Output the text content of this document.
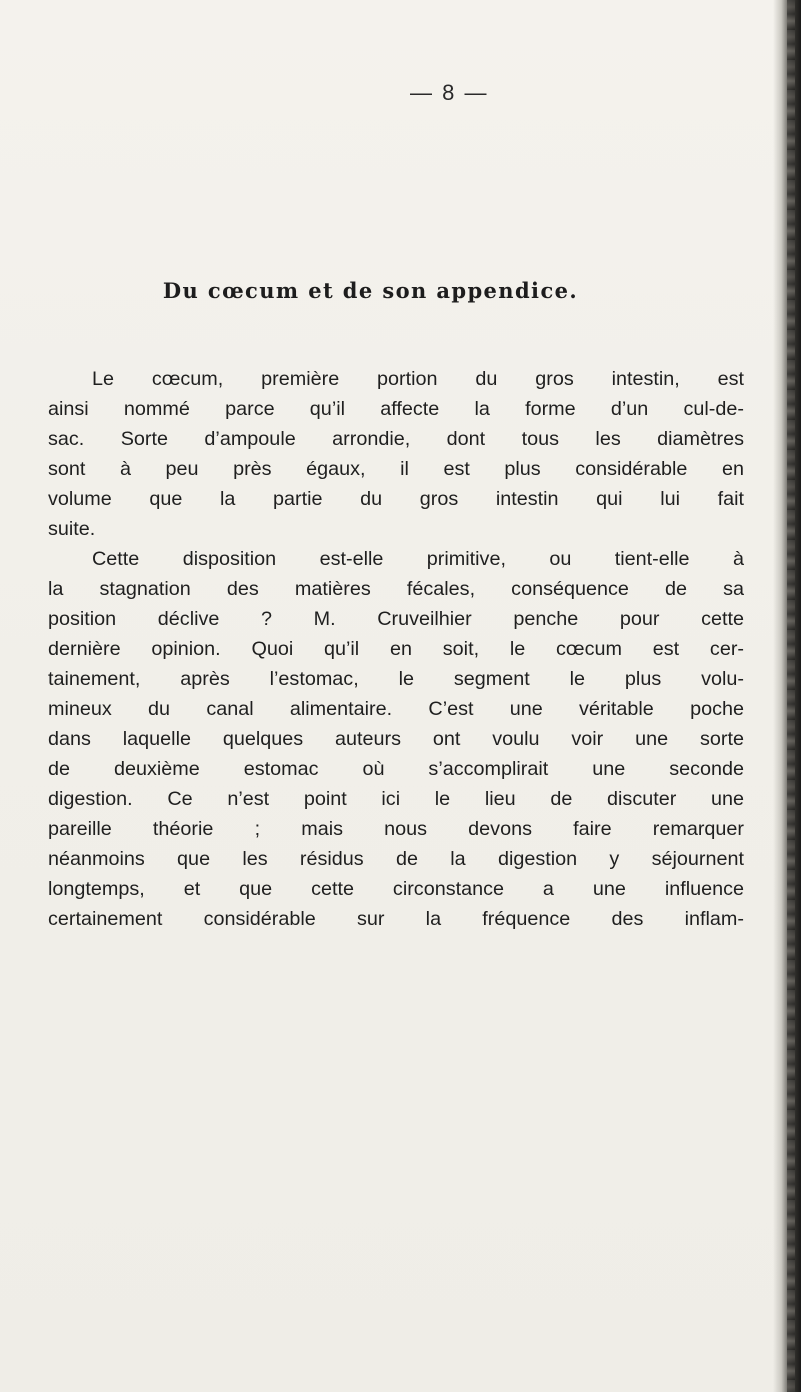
— 8 —
Du cœcum et de son appendice.
Le cœcum, première portion du gros intestin, est
ainsi nommé parce qu’il affecte la forme d’un cul-de-
sac. Sorte d’ampoule arrondie, dont tous les diamètres
sont à peu près égaux, il est plus considérable en
volume que la partie du gros intestin qui lui fait
suite.
Cette disposition est-elle primitive, ou tient-elle à
la stagnation des matières fécales, conséquence de sa
position déclive ? M. Cruveilhier penche pour cette
dernière opinion. Quoi qu’il en soit, le cœcum est cer-
tainement, après l’estomac, le segment le plus volu-
mineux du canal alimentaire. C’est une véritable poche
dans laquelle quelques auteurs ont voulu voir une sorte
de deuxième estomac où s’accomplirait une seconde
digestion. Ce n’est point ici le lieu de discuter une
pareille théorie ; mais nous devons faire remarquer
néanmoins que les résidus de la digestion y séjournent
longtemps, et que cette circonstance a une influence
certainement considérable sur la fréquence des inflam-
